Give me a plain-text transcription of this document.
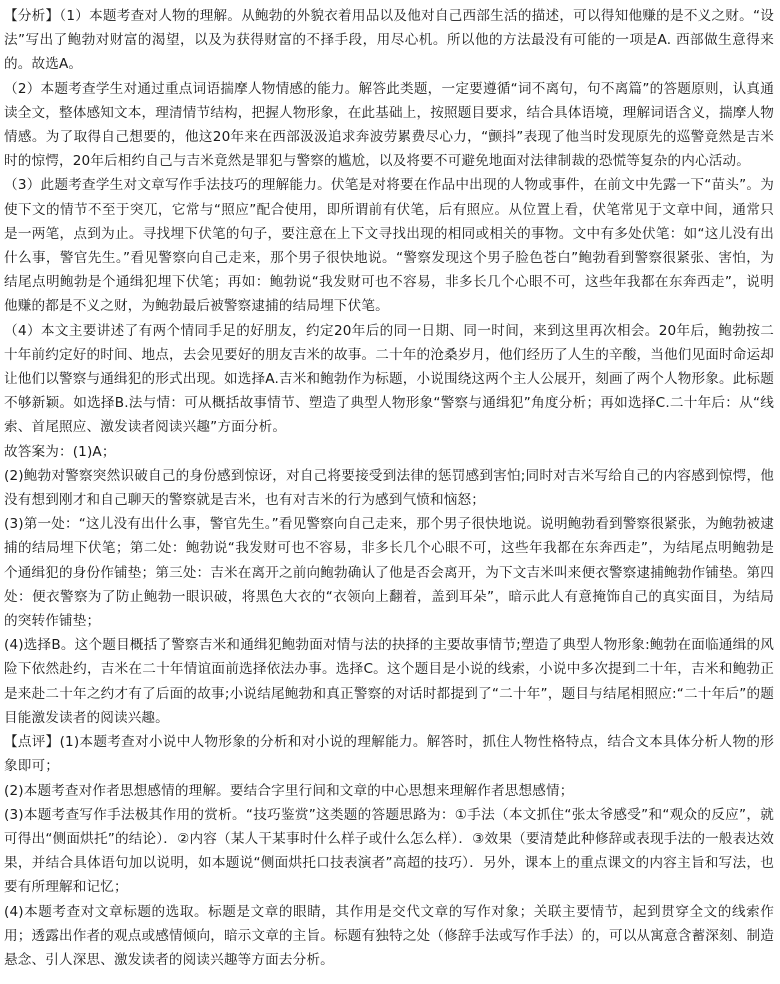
【分析】（1）本题考查对人物的理解。从鲍勃的外貌衣着用品以及他对自己西部生活的描述，可以得知他赚的是不义之财。“设法”写出了鲍勃对财富的渴望，以及为获得财富的不择手段，用尽心机。所以他的方法最没有可能的一项是A. 西部做生意得来的。故选A。

（2）本题考查学生对通过重点词语揣摩人物情感的能力。解答此类题，一定要遵循“词不离句，句不离篇”的答题原则，认真通读全文，整体感知文本，理清情节结构，把握人物形象，在此基础上，按照题目要求，结合具体语境，理解词语含义，揣摩人物情感。为了取得自己想要的，他这20年来在西部汲汲追求奔波劳累费尽心力，“颤抖”表现了他当时发现原先的巡警竟然是吉米时的惊愕，20年后相约自己与吉米竟然是罪犯与警察的尴尬，以及将要不可避免地面对法律制裁的恐慌等复杂的内心活动。

（3）此题考查学生对文章写作手法技巧的理解能力。伏笔是对将要在作品中出现的人物或事件，在前文中先露一下“苗头”。为使下文的情节不至于突兀，它常与“照应”配合使用，即所谓前有伏笔，后有照应。从位置上看，伏笔常见于文章中间，通常只是一两笔，点到为止。寻找埋下伏笔的句子，要注意在上下文寻找出现的相同或相关的事物。文中有多处伏笔：如“这儿没有出什么事，警官先生。”看见警察向自己走来，那个男子很快地说。“警察发现这个男子脸色苍白”鲍勃看到警察很紧张、害怕，为结尾点明鲍勃是个通缉犯埋下伏笔；再如：鲍勃说“我发财可也不容易，非多长几个心眼不可，这些年我都在东奔西走”，说明他赚的都是不义之财，为鲍勃最后被警察逮捕的结局埋下伏笔。

（4）本文主要讲述了有两个情同手足的好朋友，约定20年后的同一日期、同一时间，来到这里再次相会。20年后，鲍勃按二十年前约定好的时间、地点，去会见要好的朋友吉米的故事。二十年的沧桑岁月，他们经历了人生的辛酸，当他们见面时命运却让他们以警察与通缉犯的形式出现。如选择A.吉米和鲍勃作为标题，小说围绕这两个主人公展开，刻画了两个人物形象。此标题不够新颖。如选择B.法与情：可从概括故事情节、塑造了典型人物形象“警察与通缉犯”角度分析；再如选择C.二十年后：从“线索、首尾照应、激发读者阅读兴趣”方面分析。

故答案为：(1)A；

(2)鲍勃对警察突然识破自己的身份感到惊讶，对自己将要接受到法律的惩罚感到害怕;同时对吉米写给自己的内容感到惊愕，他没有想到刚才和自己聊天的警察就是吉米，也有对吉米的行为感到气愤和恼怒；

(3)第一处：“这儿没有出什么事，警官先生。”看见警察向自己走来，那个男子很快地说。说明鲍勃看到警察很紧张，为鲍勃被逮捕的结局埋下伏笔；第二处：鲍勃说“我发财可也不容易，非多长几个心眼不可，这些年我都在东奔西走”，为结尾点明鲍勃是个通缉犯的身份作铺垫；第三处：吉米在离开之前向鲍勃确认了他是否会离开，为下文吉米叫来便衣警察逮捕鲍勃作铺垫。第四处：便衣警察为了防止鲍勃一眼识破，将黑色大衣的“衣领向上翻着，盖到耳朵”，暗示此人有意掩饰自己的真实面目，为结局的突转作铺垫；

(4)选择B。这个题目概括了警察吉米和通缉犯鲍勃面对情与法的抉择的主要故事情节;塑造了典型人物形象:鲍勃在面临通缉的风险下依然赴约，吉米在二十年情谊面前选择依法办事。选择C。这个题目是小说的线索，小说中多次提到二十年，吉米和鲍勃正是来赴二十年之约才有了后面的故事;小说结尾鲍勃和真正警察的对话时都提到了“二十年”，题目与结尾相照应:“二十年后”的题目能激发读者的阅读兴趣。

【点评】(1)本题考查对小说中人物形象的分析和对小说的理解能力。解答时，抓住人物性格特点，结合文本具体分析人物的形象即可；

(2)本题考查对作者思想感情的理解。要结合字里行间和文章的中心思想来理解作者思想感情；

(3)本题考查写作手法极其作用的赏析。“技巧鉴赏”这类题的答题思路为：①手法（本文抓住“张太爷感受”和“观众的反应”，就可得出“侧面烘托”的结论）．②内容（某人干某事时什么样子或什么怎么样）．③效果（要清楚此种修辞或表现手法的一般表达效果，并结合具体语句加以说明，如本题说“侧面烘托口技表演者”高超的技巧）．另外，课本上的重点课文的内容主旨和写法，也要有所理解和记忆；

(4)本题考查对文章标题的选取。标题是文章的眼睛，其作用是交代文章的写作对象；关联主要情节，起到贯穿全文的线索作用；透露出作者的观点或感情倾向，暗示文章的主旨。标题有独特之处（修辞手法或写作手法）的，可以从寓意含蓄深刻、制造悬念、引人深思、激发读者的阅读兴趣等方面去分析。
